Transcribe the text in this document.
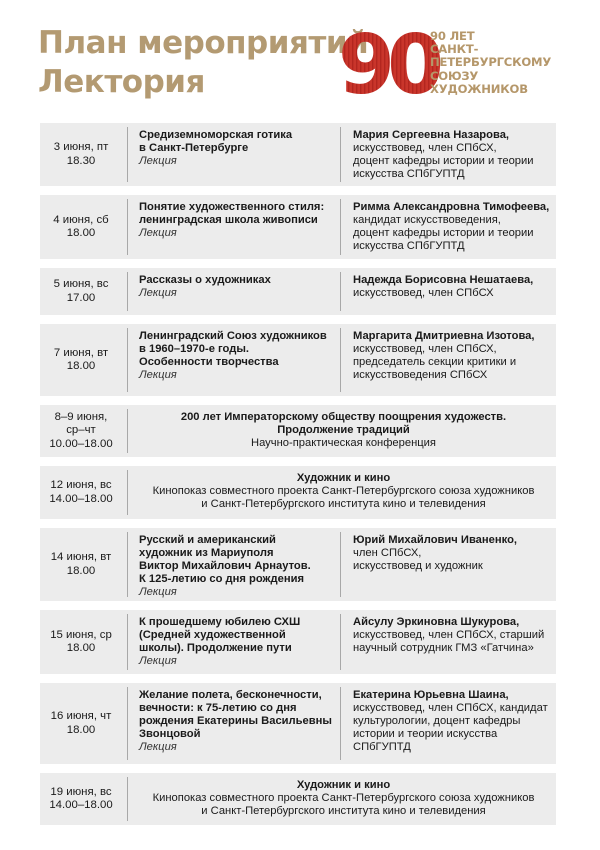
План мероприятий
Лектория	90
90 ЛЕТ
САНКТ-
ПЕТЕРБУРГСКОМУ
СОЮЗУ
ХУДОЖНИКОВ
3 июня, пт
18.30
Средиземноморская готика
в Санкт-Петербурге
Лекция
Мария Сергеевна Назарова,
искусствовед, член СПбСХ,
доцент кафедры истории и теории
искусства СПбГУПТД
4 июня, сб
18.00
Понятие художественного стиля:
ленинградская школа живописи
Лекция
Римма Александровна Тимофеева,
кандидат искусствоведения,
доцент кафедры истории и теории
искусства СПбГУПТД
5 июня, вс
17.00
Рассказы о художниках
Лекция
Надежда Борисовна Нешатаева,
искусствовед, член СПбСХ
7 июня, вт
18.00
Ленинградский Союз художников
в 1960–1970-е годы.
Особенности творчества
Лекция
Маргарита Дмитриевна Изотова,
искусствовед, член СПбСХ,
председатель секции критики и
искусствоведения СПбСХ
8–9 июня,
ср–чт
10.00–18.00
200 лет Императорскому обществу поощрения художеств.
Продолжение традиций
Научно-практическая конференция
12 июня, вс
14.00–18.00
Художник и кино
Кинопоказ совместного проекта Санкт-Петербургского союза художников
и Санкт-Петербургского института кино и телевидения
14 июня, вт
18.00
Русский и американский
художник из Мариуполя
Виктор Михайлович Арнаутов.
К 125-летию со дня рождения
Лекция
Юрий Михайлович Иваненко,
член СПбСХ,
искусствовед и художник
15 июня, ср
18.00
К прошедшему юбилею СХШ
(Средней художественной
школы). Продолжение пути
Лекция
Айсулу Эркиновна Шукурова,
искусствовед, член СПбСХ, старший
научный сотрудник ГМЗ «Гатчина»
16 июня, чт
18.00
Желание полета, бесконечности,
вечности: к 75-летию со дня
рождения Екатерины Васильевны
Звонцовой
Лекция
Екатерина Юрьевна Шаина,
искусствовед, член СПбСХ, кандидат
культурологии, доцент кафедры
истории и теории искусства
СПбГУПТД
19 июня, вс
14.00–18.00
Художник и кино
Кинопоказ совместного проекта Санкт-Петербургского союза художников
и Санкт-Петербургского института кино и телевидения
